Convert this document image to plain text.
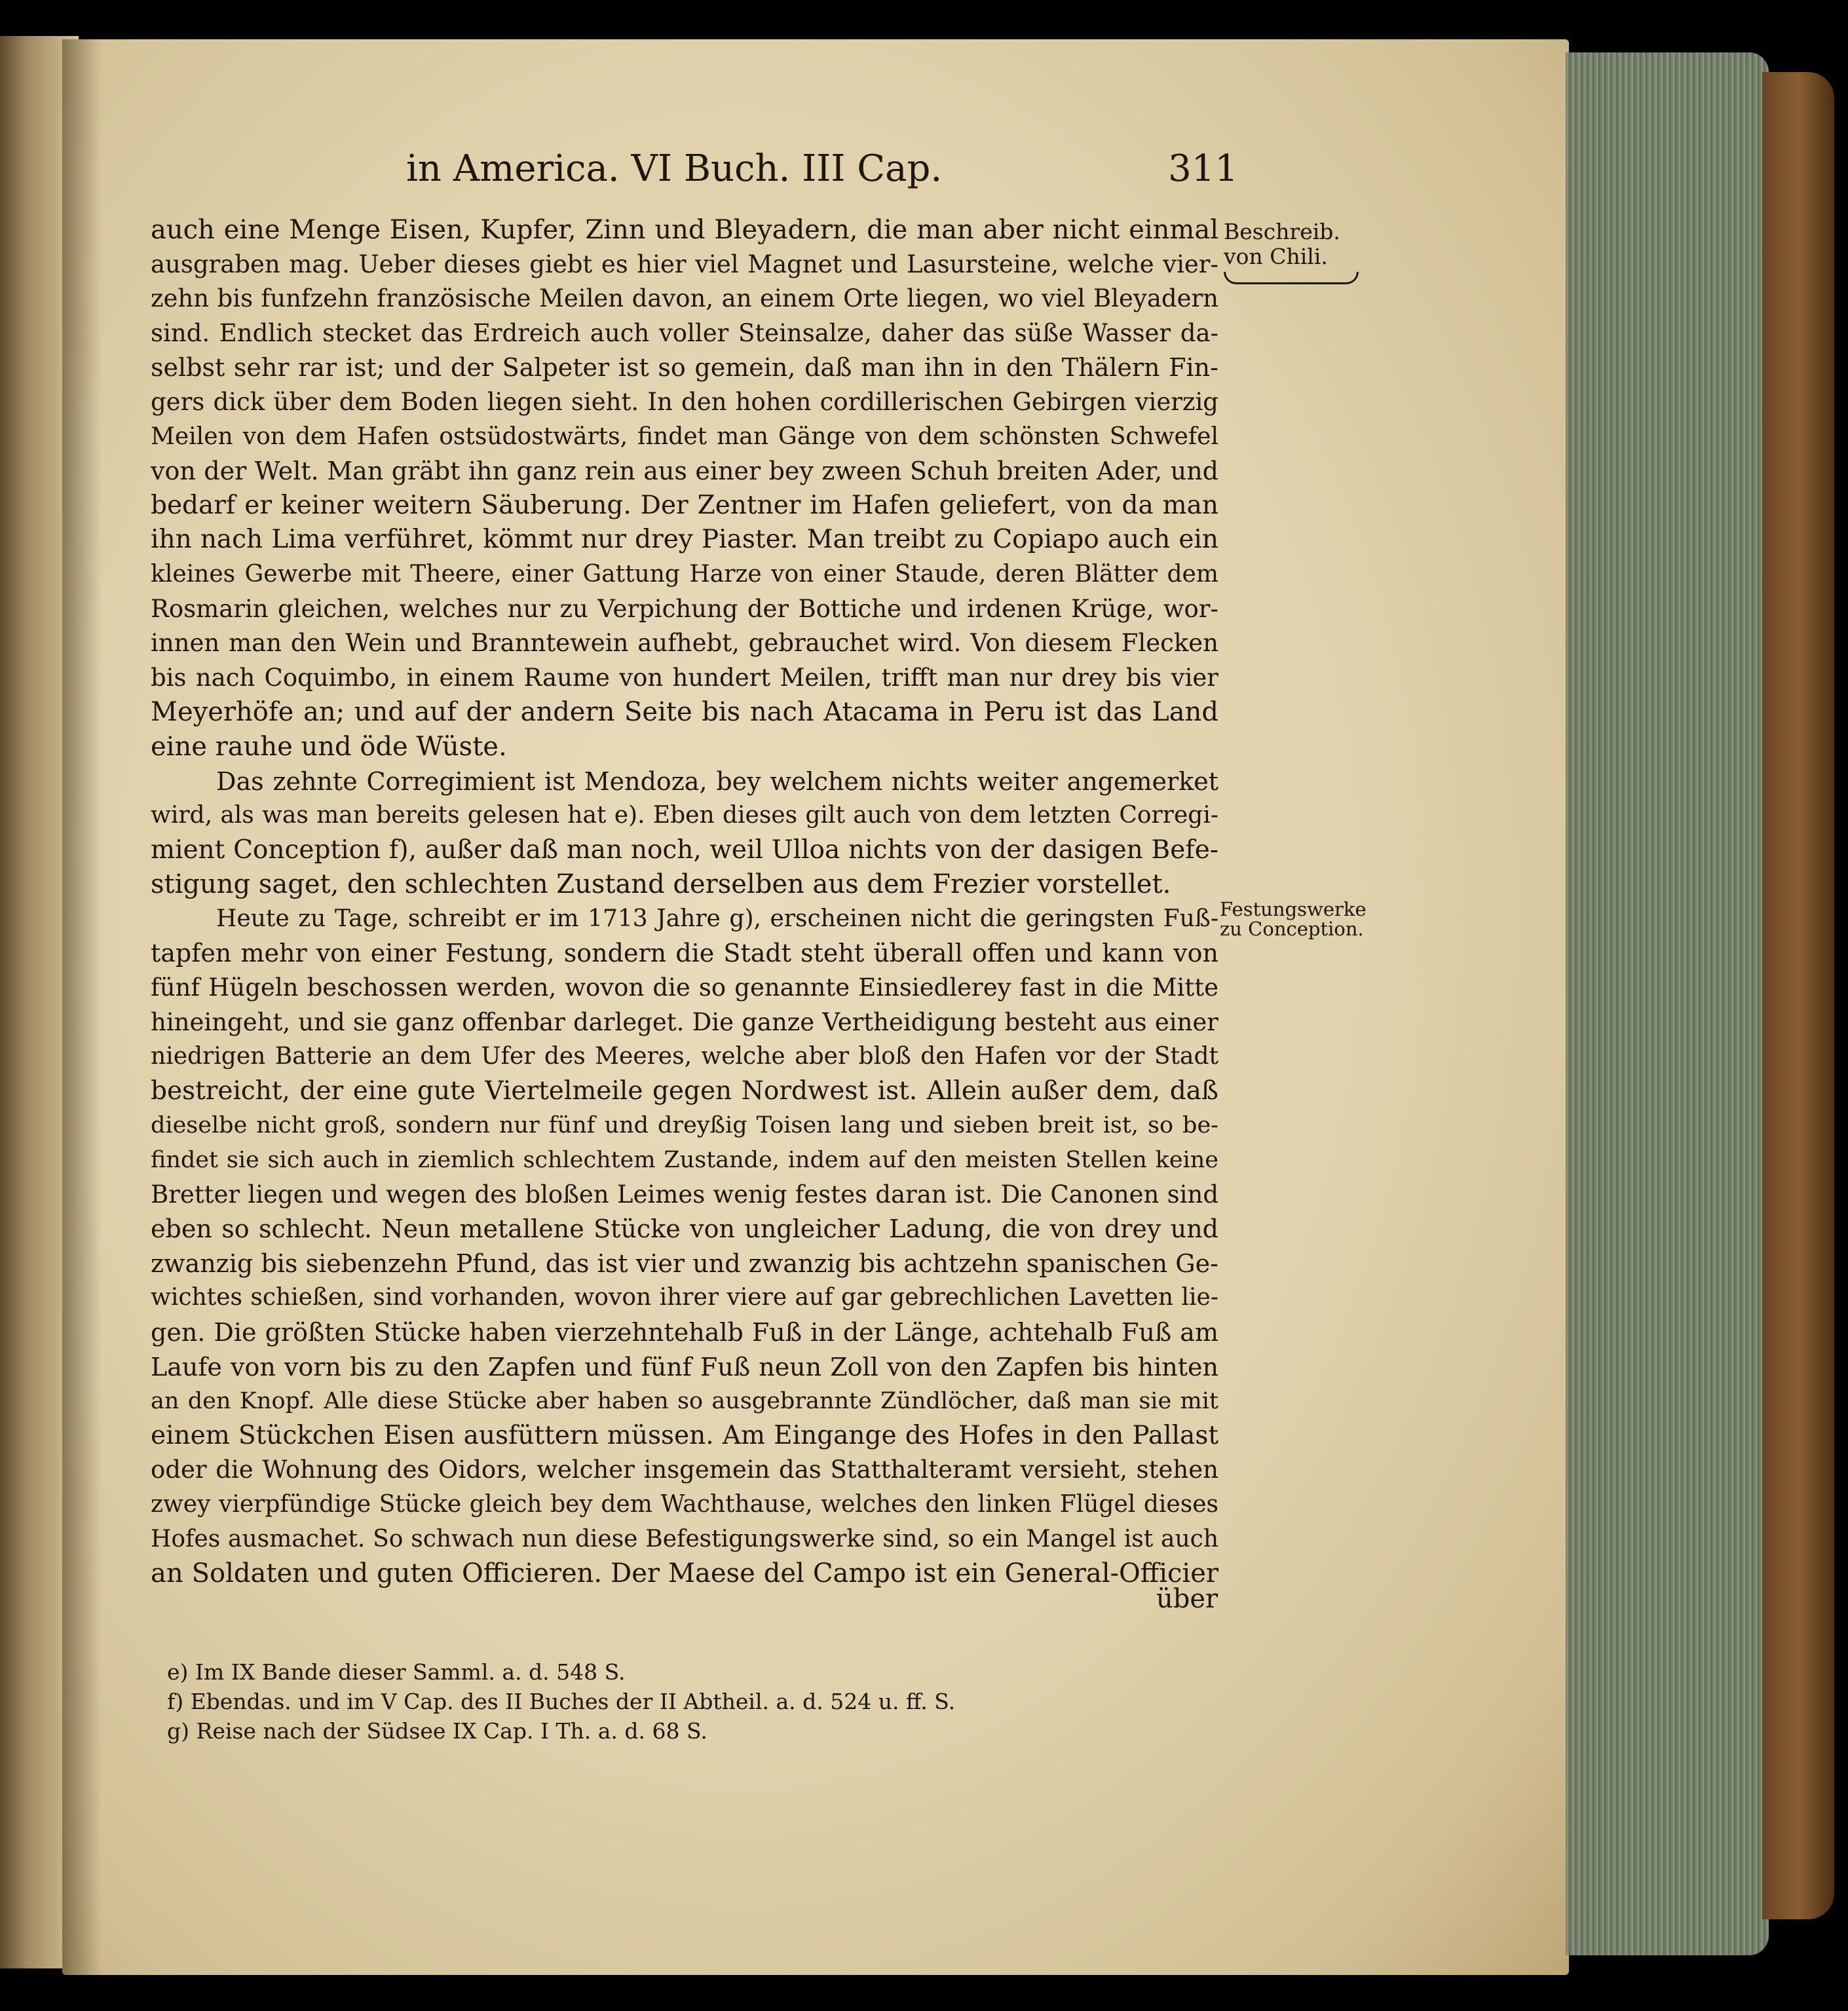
in America. VI Buch. III Cap.	311
Beschreib.
von Chili.
Festungswerke
zu Conception.
auch eine Menge Eisen, Kupfer, Zinn und Bleyadern, die man aber nicht einmal
ausgraben mag. Ueber dieses giebt es hier viel Magnet und Lasursteine, welche vier-
zehn bis funfzehn französische Meilen davon, an einem Orte liegen, wo viel Bleyadern
sind. Endlich stecket das Erdreich auch voller Steinsalze, daher das süße Wasser da-
selbst sehr rar ist; und der Salpeter ist so gemein, daß man ihn in den Thälern Fin-
gers dick über dem Boden liegen sieht. In den hohen cordillerischen Gebirgen vierzig
Meilen von dem Hafen ostsüdostwärts, findet man Gänge von dem schönsten Schwefel
von der Welt. Man gräbt ihn ganz rein aus einer bey zween Schuh breiten Ader, und
bedarf er keiner weitern Säuberung. Der Zentner im Hafen geliefert, von da man
ihn nach Lima verführet, kömmt nur drey Piaster. Man treibt zu Copiapo auch ein
kleines Gewerbe mit Theere, einer Gattung Harze von einer Staude, deren Blätter dem
Rosmarin gleichen, welches nur zu Verpichung der Bottiche und irdenen Krüge, wor-
innen man den Wein und Branntewein aufhebt, gebrauchet wird. Von diesem Flecken
bis nach Coquimbo, in einem Raume von hundert Meilen, trifft man nur drey bis vier
Meyerhöfe an; und auf der andern Seite bis nach Atacama in Peru ist das Land
eine rauhe und öde Wüste.
Das zehnte Corregimient ist Mendoza, bey welchem nichts weiter angemerket
wird, als was man bereits gelesen hat e). Eben dieses gilt auch von dem letzten Corregi-
mient Conception f), außer daß man noch, weil Ulloa nichts von der dasigen Befe-
stigung saget, den schlechten Zustand derselben aus dem Frezier vorstellet.
Heute zu Tage, schreibt er im 1713 Jahre g), erscheinen nicht die geringsten Fuß-
tapfen mehr von einer Festung, sondern die Stadt steht überall offen und kann von
fünf Hügeln beschossen werden, wovon die so genannte Einsiedlerey fast in die Mitte
hineingeht, und sie ganz offenbar darleget. Die ganze Vertheidigung besteht aus einer
niedrigen Batterie an dem Ufer des Meeres, welche aber bloß den Hafen vor der Stadt
bestreicht, der eine gute Viertelmeile gegen Nordwest ist. Allein außer dem, daß
dieselbe nicht groß, sondern nur fünf und dreyßig Toisen lang und sieben breit ist, so be-
findet sie sich auch in ziemlich schlechtem Zustande, indem auf den meisten Stellen keine
Bretter liegen und wegen des bloßen Leimes wenig festes daran ist. Die Canonen sind
eben so schlecht. Neun metallene Stücke von ungleicher Ladung, die von drey und
zwanzig bis siebenzehn Pfund, das ist vier und zwanzig bis achtzehn spanischen Ge-
wichtes schießen, sind vorhanden, wovon ihrer viere auf gar gebrechlichen Lavetten lie-
gen. Die größten Stücke haben vierzehntehalb Fuß in der Länge, achtehalb Fuß am
Laufe von vorn bis zu den Zapfen und fünf Fuß neun Zoll von den Zapfen bis hinten
an den Knopf. Alle diese Stücke aber haben so ausgebrannte Zündlöcher, daß man sie mit
einem Stückchen Eisen ausfüttern müssen. Am Eingange des Hofes in den Pallast
oder die Wohnung des Oidors, welcher insgemein das Statthalteramt versieht, stehen
zwey vierpfündige Stücke gleich bey dem Wachthause, welches den linken Flügel dieses
Hofes ausmachet. So schwach nun diese Befestigungswerke sind, so ein Mangel ist auch
an Soldaten und guten Officieren. Der Maese del Campo ist ein General-Officier
über
e) Im IX Bande dieser Samml. a. d. 548 S.
f) Ebendas. und im V Cap. des II Buches der II Abtheil. a. d. 524 u. ff. S.
g) Reise nach der Südsee IX Cap. I Th. a. d. 68 S.
